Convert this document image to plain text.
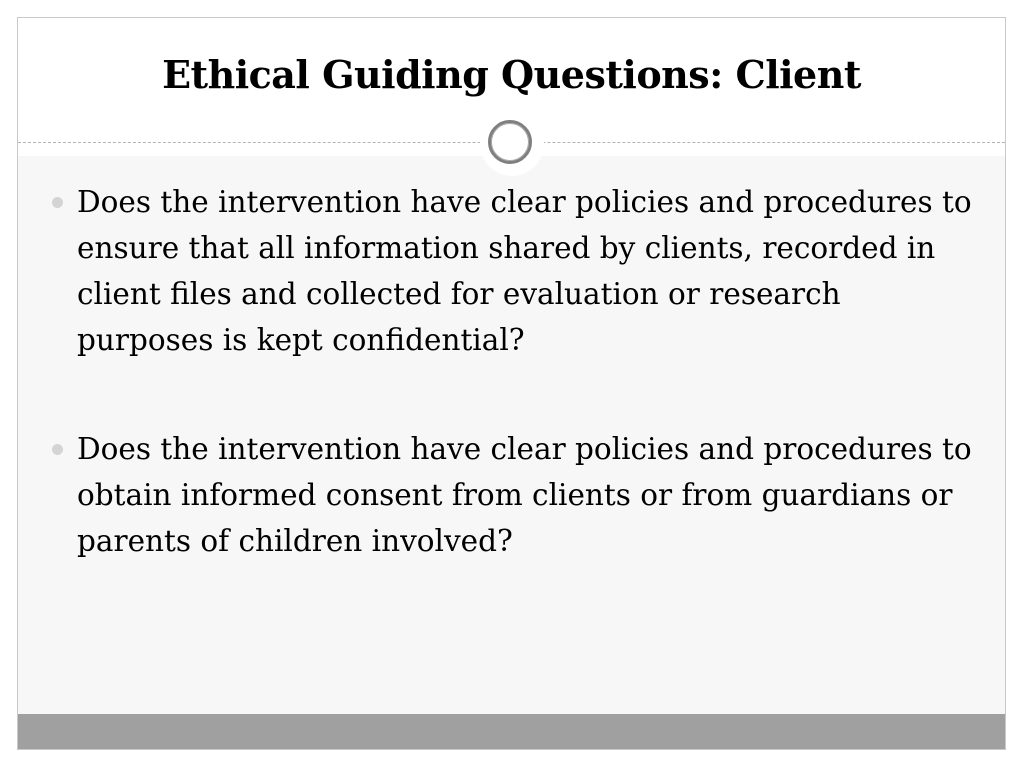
Ethical Guiding Questions: Client
Does the intervention have clear policies and procedures to ensure that all information shared by clients, recorded in client files and collected for evaluation or research purposes is kept confidential?
Does the intervention have clear policies and procedures to obtain informed consent from clients or from guardians or parents of children involved?
